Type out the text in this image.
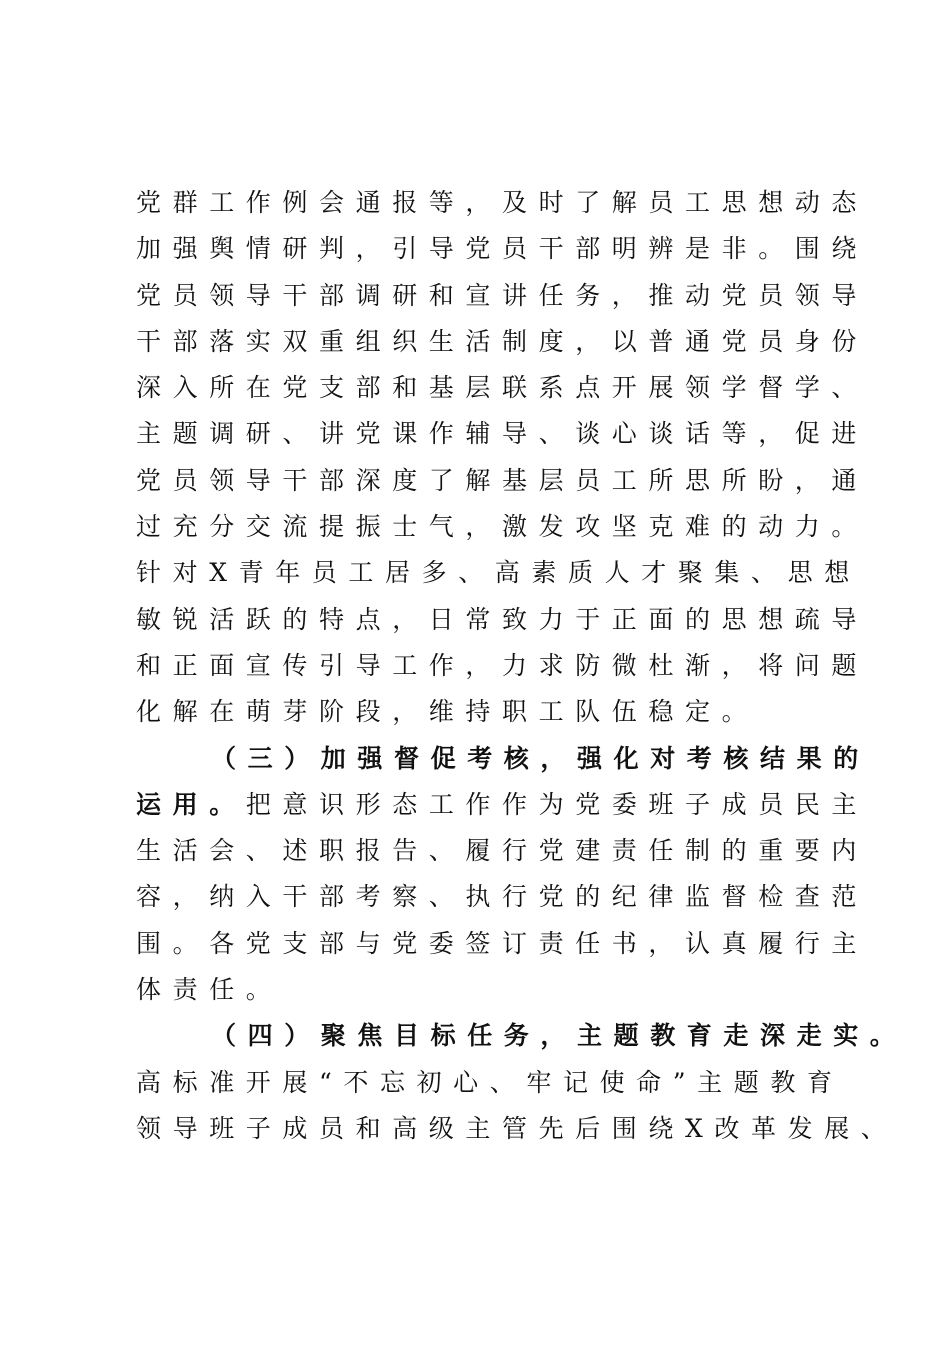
党群工作例会通报等，及时了解员工思想动态
加强舆情研判，引导党员干部明辨是非。围绕
党员领导干部调研和宣讲任务，推动党员领导
干部落实双重组织生活制度，以普通党员身份
深入所在党支部和基层联系点开展领学督学、
主题调研、讲党课作辅导、谈心谈话等，促进
党员领导干部深度了解基层员工所思所盼，通
过充分交流提振士气，激发攻坚克难的动力。
针对X青年员工居多、高素质人才聚集、思想
敏锐活跃的特点，日常致力于正面的思想疏导
和正面宣传引导工作，力求防微杜渐，将问题
化解在萌芽阶段，维持职工队伍稳定。
（三）加强督促考核，强化对考核结果的
运用。把意识形态工作作为党委班子成员民主
生活会、述职报告、履行党建责任制的重要内
容，纳入干部考察、执行党的纪律监督检查范
围。各党支部与党委签订责任书，认真履行主
体责任。
（四）聚焦目标任务，主题教育走深走实。
高标准开展“不忘初心、牢记使命”主题教育
领导班子成员和高级主管先后围绕X改革发展、
